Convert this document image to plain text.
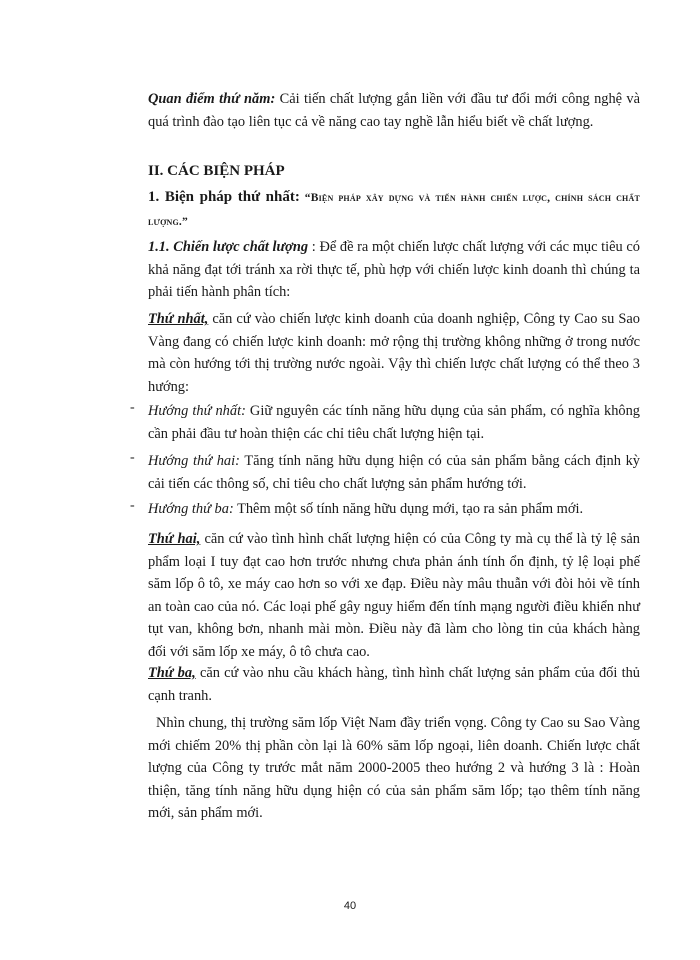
Quan điểm thứ năm: Cải tiến chất lượng gắn liền với đầu tư đổi mới công nghệ và quá trình đào tạo liên tục cả về năng cao tay nghề lẫn hiểu biết về chất lượng.

II. CÁC BIỆN PHÁP

1. Biện pháp thứ nhất: “Biện pháp xây dựng và tiến hành chiến lược, chính sách chất lượng.”

1.1. Chiến lược chất lượng : Để đề ra một chiến lược chất lượng với các mục tiêu có khả năng đạt tới tránh xa rời thực tế, phù hợp với chiến lược kinh doanh thì chúng ta phải tiến hành phân tích:

Thứ nhất, căn cứ vào chiến lược kinh doanh của doanh nghiệp, Công ty Cao su Sao Vàng đang có chiến lược kinh doanh: mở rộng thị trường không những ở trong nước mà còn hướng tới thị trường nước ngoài. Vậy thì chiến lược chất lượng có thể theo 3 hướng:

- Hướng thứ nhất: Giữ nguyên các tính năng hữu dụng của sản phẩm, có nghĩa không cần phải đầu tư hoàn thiện các chỉ tiêu chất lượng hiện tại.

- Hướng thứ hai: Tăng tính năng hữu dụng hiện có của sản phẩm bằng cách định kỳ cải tiến các thông số, chỉ tiêu cho chất lượng sản phẩm hướng tới.

- Hướng thứ ba: Thêm một số tính năng hữu dụng mới, tạo ra sản phẩm mới.

Thứ hai, căn cứ vào tình hình chất lượng hiện có của Công ty mà cụ thể là tỷ lệ sản phẩm loại I tuy đạt cao hơn trước nhưng chưa phản ánh tính ổn định, tỷ lệ loại phế săm lốp ô tô, xe máy cao hơn so với xe đạp. Điều này mâu thuẫn với đòi hỏi về tính an toàn cao của nó. Các loại phế gây nguy hiểm đến tính mạng người điều khiển như tụt van, không bơn, nhanh mài mòn. Điều này đã làm cho lòng tin của khách hàng đối với săm lốp xe máy, ô tô chưa cao.

Thứ ba, căn cứ vào nhu cầu khách hàng, tình hình chất lượng sản phẩm của đối thủ cạnh tranh.

Nhìn chung, thị trường săm lốp Việt Nam đầy triển vọng. Công ty Cao su Sao Vàng mới chiếm 20% thị phần còn lại là 60% săm lốp ngoại, liên doanh. Chiến lược chất lượng của Công ty trước mắt năm 2000-2005 theo hướng 2 và hướng 3 là : Hoàn thiện, tăng tính năng hữu dụng hiện có của sản phẩm săm lốp; tạo thêm tính năng mới, sản phẩm mới.

40
